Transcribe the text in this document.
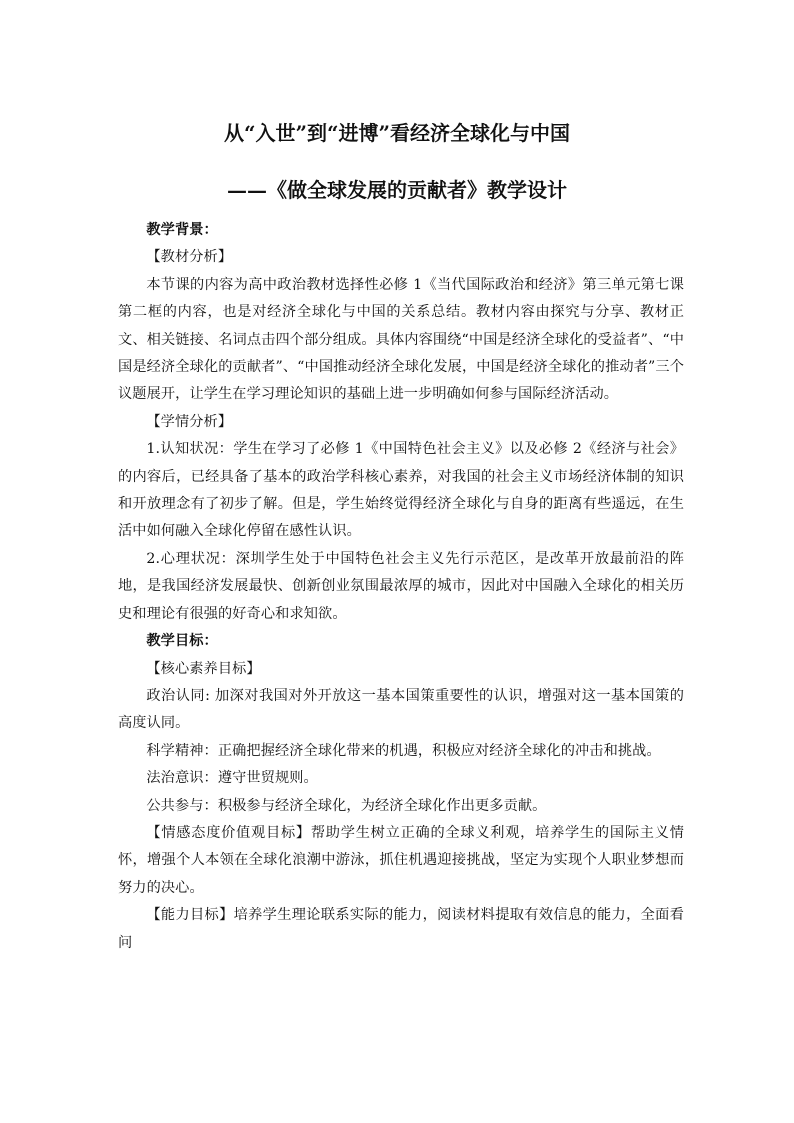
从“入世”到“进博”看经济全球化与中国
——《做全球发展的贡献者》教学设计

教学背景：

【教材分析】

本节课的内容为高中政治教材选择性必修 1《当代国际政治和经济》第三单元第七课第二框的内容，也是对经济全球化与中国的关系总结。教材内容由探究与分享、教材正文、相关链接、名词点击四个部分组成。具体内容围绕“中国是经济全球化的受益者”、“中国是经济全球化的贡献者”、“中国推动经济全球化发展，中国是经济全球化的推动者”三个议题展开，让学生在学习理论知识的基础上进一步明确如何参与国际经济活动。

【学情分析】

1.认知状况：学生在学习了必修 1《中国特色社会主义》以及必修 2《经济与社会》的内容后，已经具备了基本的政治学科核心素养，对我国的社会主义市场经济体制的知识和开放理念有了初步了解。但是，学生始终觉得经济全球化与自身的距离有些遥远，在生活中如何融入全球化停留在感性认识。

2.心理状况：深圳学生处于中国特色社会主义先行示范区，是改革开放最前沿的阵地，是我国经济发展最快、创新创业氛围最浓厚的城市，因此对中国融入全球化的相关历史和理论有很强的好奇心和求知欲。

教学目标：

【核心素养目标】

政治认同: 加深对我国对外开放这一基本国策重要性的认识，增强对这一基本国策的高度认同。

科学精神：正确把握经济全球化带来的机遇，积极应对经济全球化的冲击和挑战。

法治意识：遵守世贸规则。

公共参与：积极参与经济全球化，为经济全球化作出更多贡献。

【情感态度价值观目标】帮助学生树立正确的全球义利观，培养学生的国际主义情怀，增强个人本领在全球化浪潮中游泳，抓住机遇迎接挑战，坚定为实现个人职业梦想而努力的决心。

【能力目标】培养学生理论联系实际的能力，阅读材料提取有效信息的能力，全面看问
